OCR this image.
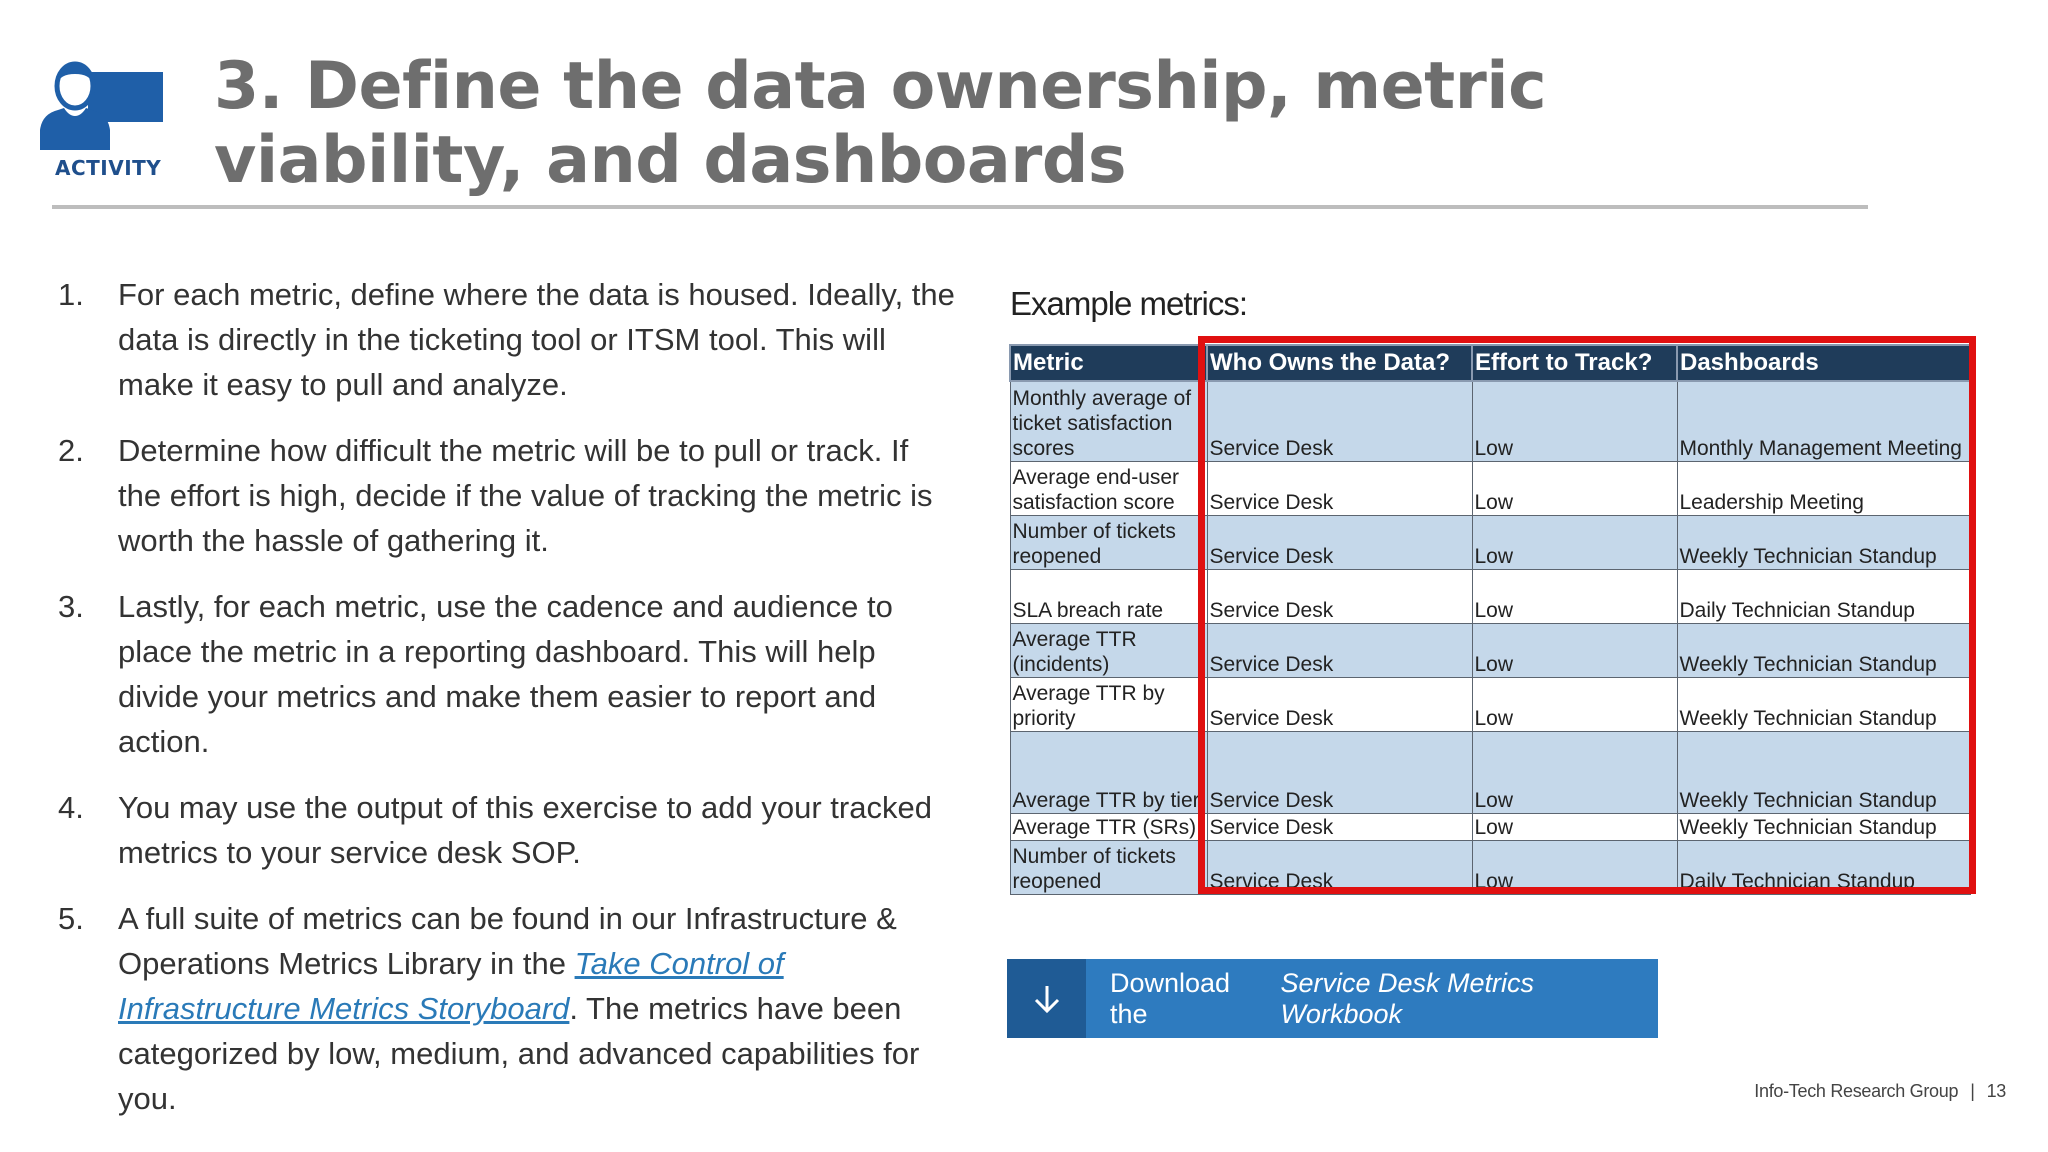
ACTIVITY
3. Define the data ownership, metric viability, and dashboards
1. For each metric, define where the data is housed. Ideally, the data is directly in the ticketing tool or ITSM tool. This will make it easy to pull and analyze.
2. Determine how difficult the metric will be to pull or track. If the effort is high, decide if the value of tracking the metric is worth the hassle of gathering it.
3. Lastly, for each metric, use the cadence and audience to place the metric in a reporting dashboard. This will help divide your metrics and make them easier to report and action.
4. You may use the output of this exercise to add your tracked metrics to your service desk SOP.
5. A full suite of metrics can be found in our Infrastructure & Operations Metrics Library in the Take Control of Infrastructure Metrics Storyboard. The metrics have been categorized by low, medium, and advanced capabilities for you.
Example metrics:
Metric	Who Owns the Data?	Effort to Track?	Dashboards
Monthly average of ticket satisfaction scores	Service Desk	Low	Monthly Management Meeting
Average end-user satisfaction score	Service Desk	Low	Leadership Meeting
Number of tickets reopened	Service Desk	Low	Weekly Technician Standup
SLA breach rate	Service Desk	Low	Daily Technician Standup
Average TTR (incidents)	Service Desk	Low	Weekly Technician Standup
Average TTR by priority	Service Desk	Low	Weekly Technician Standup
Average TTR by tier	Service Desk	Low	Weekly Technician Standup
Average TTR (SRs)	Service Desk	Low	Weekly Technician Standup
Number of tickets reopened	Service Desk	Low	Daily Technician Standup
Download the

Service Desk Metrics Workbook
Info-Tech Research Group | 13
